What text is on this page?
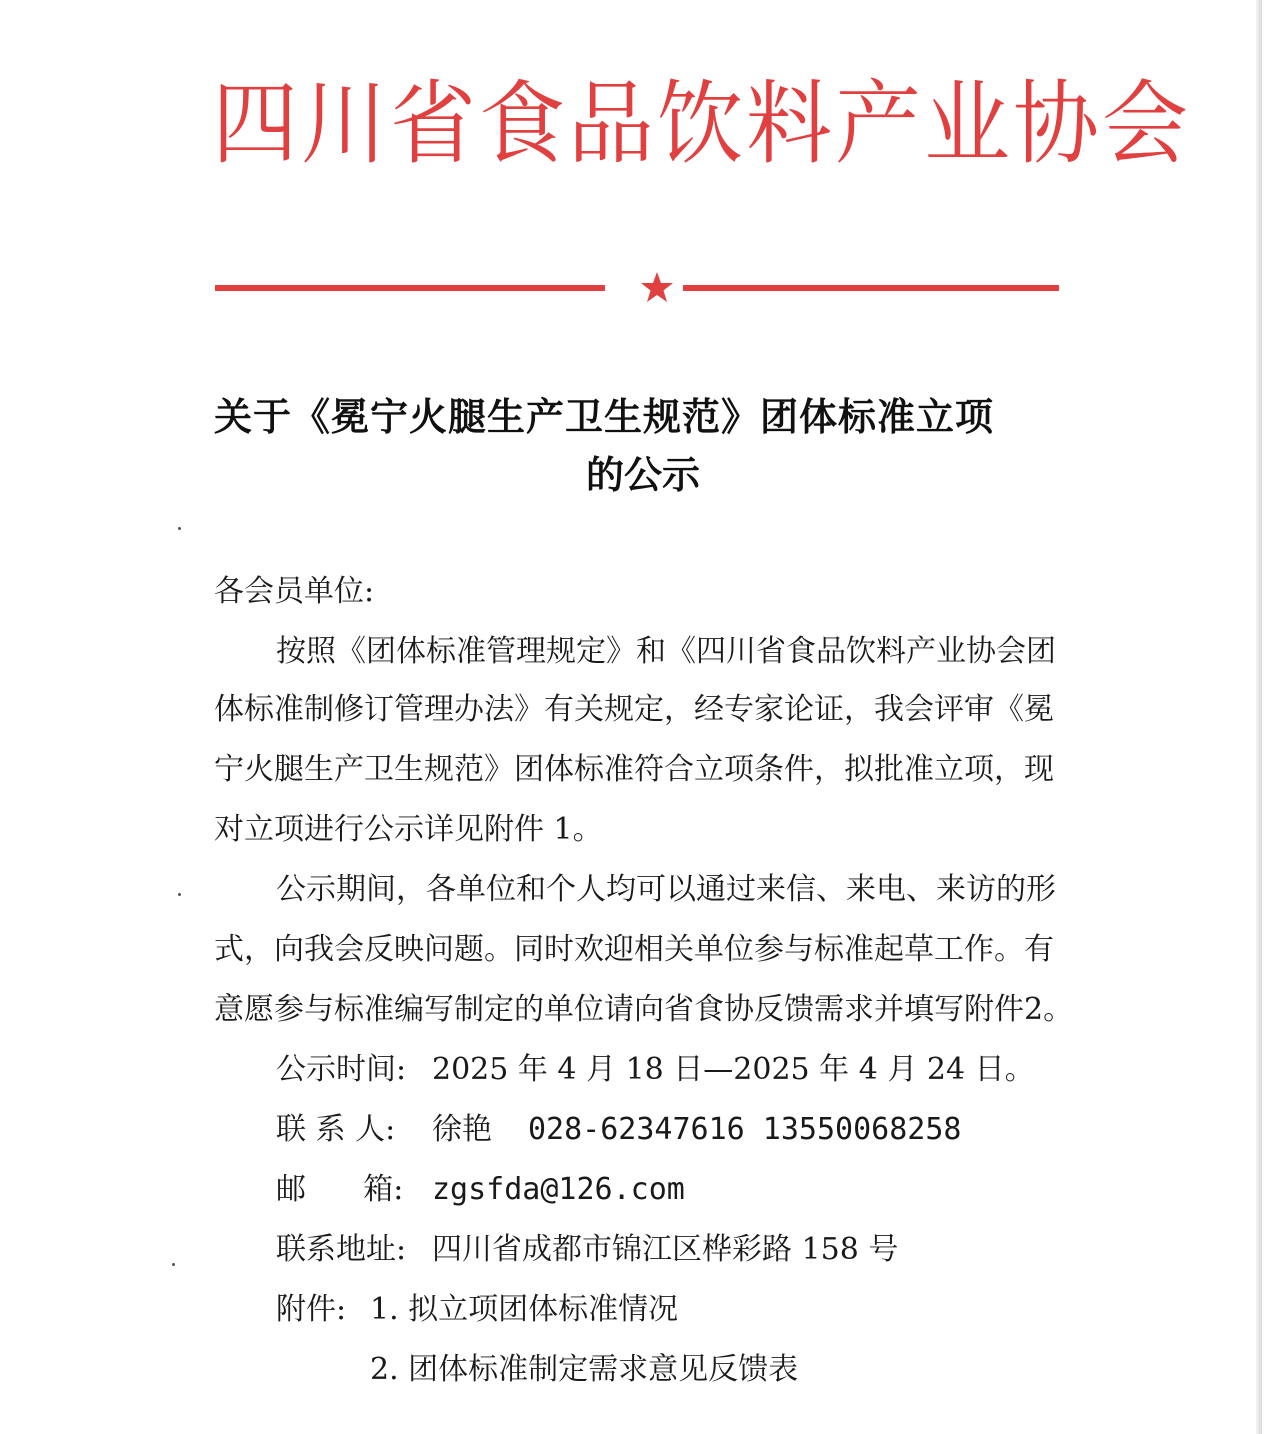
四川省食品饮料产业协会
关于《冕宁火腿生产卫生规范》团体标准立项
的公示

各会员单位:

按照《团体标准管理规定》和《四川省食品饮料产业协会团

体标准制修订管理办法》有关规定，经专家论证，我会评审《冕

宁火腿生产卫生规范》团体标准符合立项条件，拟批准立项，现

对立项进行公示详见附件 1。

公示期间，各单位和个人均可以通过来信、来电、来访的形

式，向我会反映问题。同时欢迎相关单位参与标准起草工作。有

意愿参与标准编写制定的单位请向省食协反馈需求并填写附件2。

公示时间: 2025 年 4 月 18 日—2025 年 4 月 24 日。

联 系 人: 徐艳 028-62347616 13550068258

邮      箱: zgsfda@126.com

联系地址: 四川省成都市锦江区桦彩路 158 号

附件: 1. 拟立项团体标准情况

2. 团体标准制定需求意见反馈表
